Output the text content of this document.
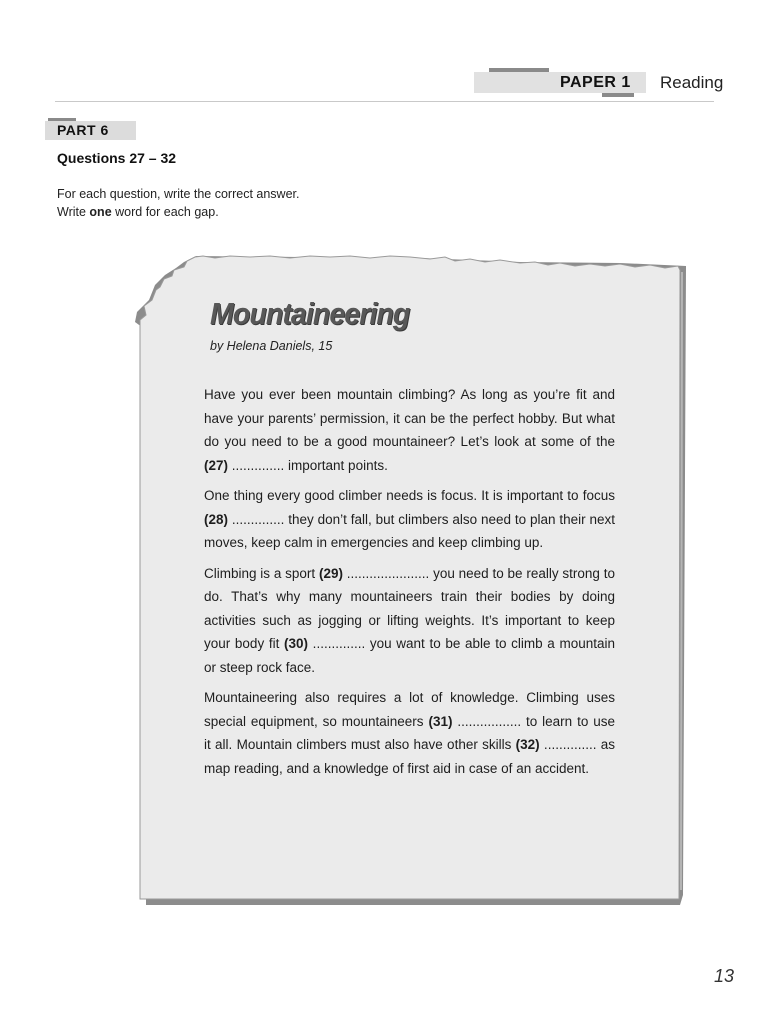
PAPER 1 Reading
PART 6
Questions 27 – 32
For each question, write the correct answer.
Write one word for each gap.
Mountaineering
by Helena Daniels, 15

Have you ever been mountain climbing? As long as you’re fit and have your parents’ permission, it can be the perfect hobby. But what do you need to be a good mountaineer? Let’s look at some of the (27) .............. important points.

One thing every good climber needs is focus. It is important to focus (28) .............. they don’t fall, but climbers also need to plan their next moves, keep calm in emergencies and keep climbing up.

Climbing is a sport (29) ...................... you need to be really strong to do. That’s why many mountaineers train their bodies by doing activities such as jogging or lifting weights. It’s important to keep your body fit (30) .............. you want to be able to climb a mountain or steep rock face.

Mountaineering also requires a lot of knowledge. Climbing uses special equipment, so mountaineers (31) ................. to learn to use it all. Mountain climbers must also have other skills (32) .............. as map reading, and a knowledge of first aid in case of an accident.

13
